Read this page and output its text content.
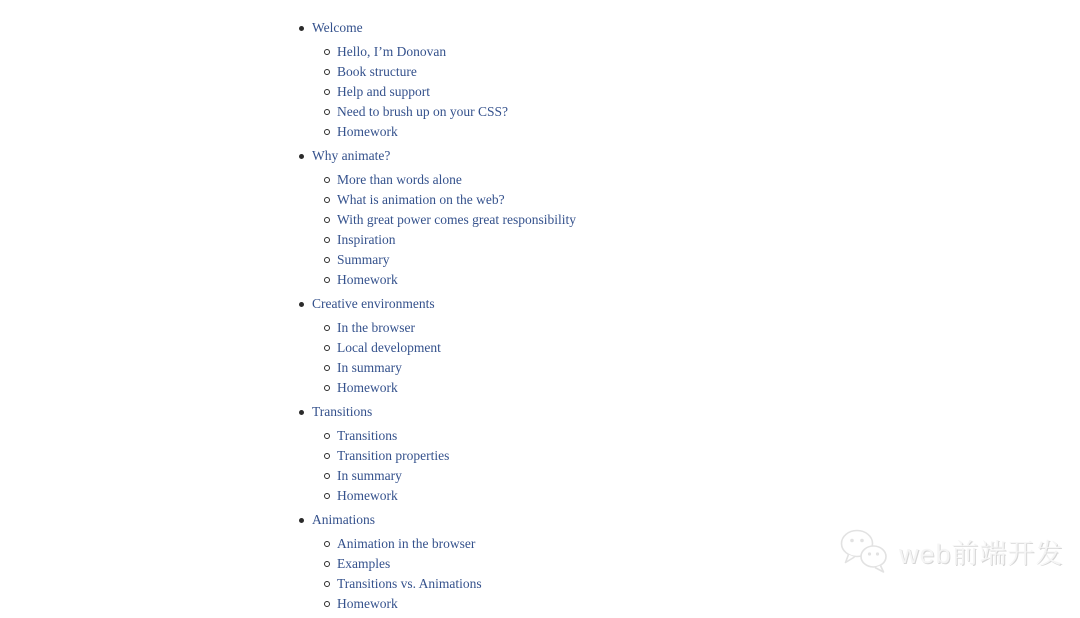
Welcome
Hello, I’m Donovan
Book structure
Help and support
Need to brush up on your CSS?
Homework
Why animate?
More than words alone
What is animation on the web?
With great power comes great responsibility
Inspiration
Summary
Homework
Creative environments
In the browser
Local development
In summary
Homework
Transitions
Transitions
Transition properties
In summary
Homework
Animations
Animation in the browser
Examples
Transitions vs. Animations
Homework
web前端开发
